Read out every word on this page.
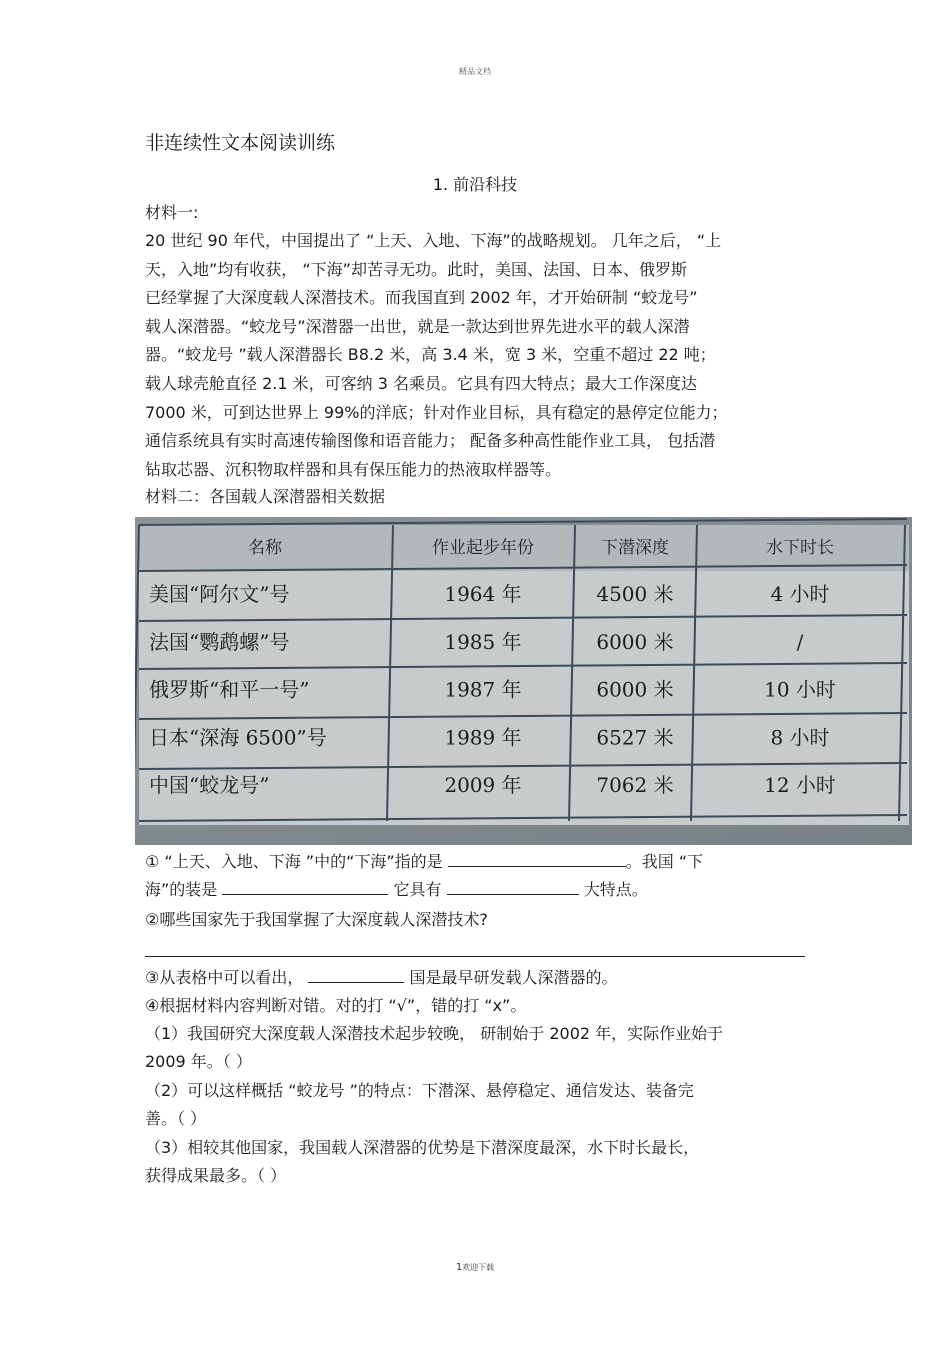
精品文档
非连续性文本阅读训练
1. 前沿科技
材料一:
20 世纪 90 年代，中国提出了 “上天、入地、下海”的战略规划。 几年之后， “上
天，入地”均有收获， “下海”却苦寻无功。此时，美国、法国、日本、俄罗斯
已经掌握了大深度载人深潜技术。而我国直到 2002 年，才开始研制 “蛟龙号”
载人深潜器。“蛟龙号”深潜器一出世，就是一款达到世界先进水平的载人深潜
器。“蛟龙号 ”载人深潜器长 B8.2 米，高 3.4 米，宽 3 米，空重不超过 22 吨；
载人球壳舱直径 2.1 米，可客纳 3 名乘员。它具有四大特点；最大工作深度达
7000 米，可到达世界上 99%的洋底；针对作业目标，具有稳定的悬停定位能力；
通信系统具有实时高速传输图像和语音能力； 配备多种高性能作业工具， 包括潜
钻取芯器、沉积物取样器和具有保压能力的热液取样器等。
材料二：各国载人深潜器相关数据
名称	作业起步年份	下潜深度	水下时长
美国“阿尔文”号	1964 年	4500 米	4 小时
法国“鹦鹉螺”号	1985 年	6000 米	/
俄罗斯“和平一号”	1987 年	6000 米	10 小时
日本“深海 6500”号	1989 年	6527 米	8 小时
中国“蛟龙号”	2009 年	7062 米	12 小时
① “上天、入地、下海 ”中的“下海”指的是	。我国 “下
海”的装是	它具有	大特点。
②哪些国家先于我国掌握了大深度载人深潜技术?
③从表格中可以看出，	国是最早研发载人深潜器的。
④根据材料内容判断对错。对的打 “√”，错的打 “x”。
（1）我国研究大深度载人深潜技术起步较晚， 研制始于 2002 年，实际作业始于
2009 年。（ ）
（2）可以这样概括 “蛟龙号 ”的特点：下潜深、悬停稳定、通信发达、装备完
善。（ ）
（3）相较其他国家，我国载人深潜器的优势是下潜深度最深，水下时长最长，
获得成果最多。（ ）
1欢迎下载
